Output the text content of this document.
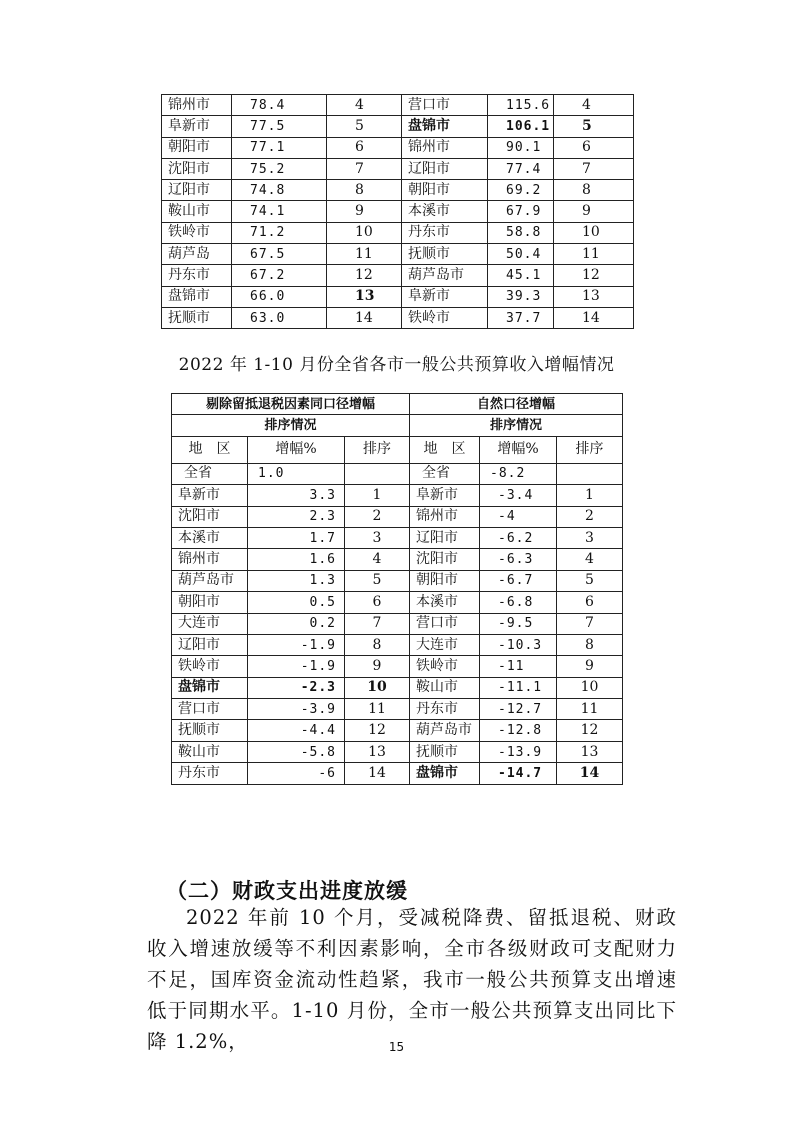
锦州市	78.4	4	营口市	115.6	4
阜新市	77.5	5	盘锦市	106.1	5
朝阳市	77.1	6	锦州市	90.1	6
沈阳市	75.2	7	辽阳市	77.4	7
辽阳市	74.8	8	朝阳市	69.2	8
鞍山市	74.1	9	本溪市	67.9	9
铁岭市	71.2	10	丹东市	58.8	10
葫芦岛	67.5	11	抚顺市	50.4	11
丹东市	67.2	12	葫芦岛市	45.1	12
盘锦市	66.0	13	阜新市	39.3	13
抚顺市	63.0	14	铁岭市	37.7	14
2022 年 1-10 月份全省各市一般公共预算收入增幅情况
剔除留抵退税因素同口径增幅			自然口径增幅		
排序情况			排序情况		
地　区	增幅%	排序	地　区	增幅%	排序
全省	1.0		全省	-8.2	
阜新市	3.3	1	阜新市	-3.4	1
沈阳市	2.3	2	锦州市	-4	2
本溪市	1.7	3	辽阳市	-6.2	3
锦州市	1.6	4	沈阳市	-6.3	4
葫芦岛市	1.3	5	朝阳市	-6.7	5
朝阳市	0.5	6	本溪市	-6.8	6
大连市	0.2	7	营口市	-9.5	7
辽阳市	-1.9	8	大连市	-10.3	8
铁岭市	-1.9	9	铁岭市	-11	9
盘锦市	-2.3	10	鞍山市	-11.1	10
营口市	-3.9	11	丹东市	-12.7	11
抚顺市	-4.4	12	葫芦岛市	-12.8	12
鞍山市	-5.8	13	抚顺市	-13.9	13
丹东市	-6	14	盘锦市	-14.7	14
（二）财政支出进度放缓

2022 年前 10 个月，受减税降费、留抵退税、财政收入增速放缓等不利因素影响，全市各级财政可支配财力不足，国库资金流动性趋紧，我市一般公共预算支出增速低于同期水平。1-10 月份，全市一般公共预算支出同比下降 1.2%，	15
